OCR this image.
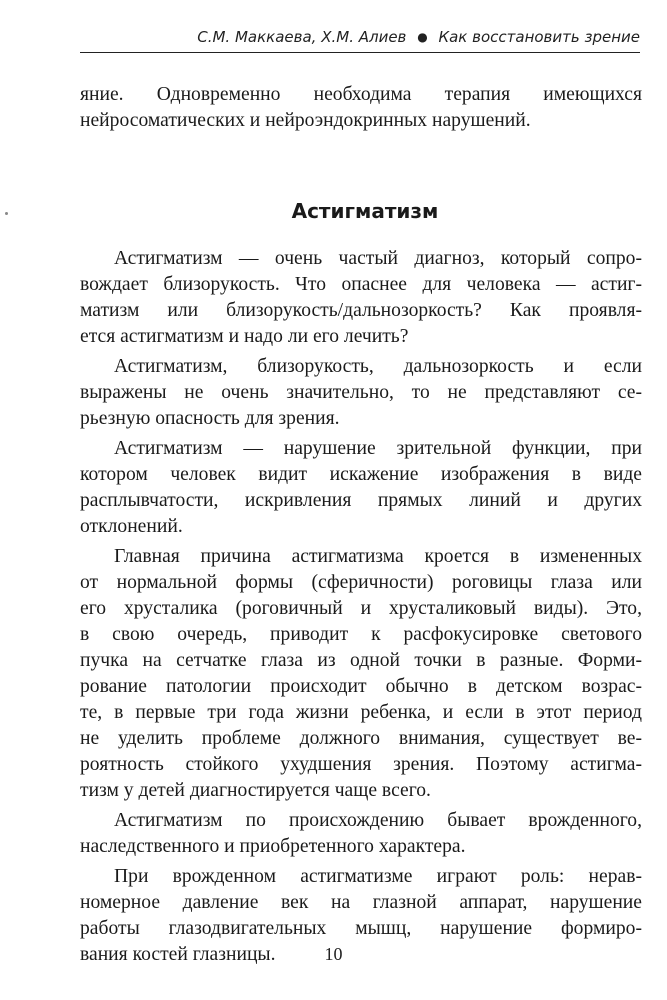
С.М. Маккаева, Х.М. Алиев ● Как восстановить зрение
яние. Одновременно необходима терапия имеющихся
нейросоматических и нейроэндокринных нарушений.
Астигматизм
Астигматизм — очень частый диагноз, который сопро-
вождает близорукость. Что опаснее для человека — астиг-
матизм или близорукость/дальнозоркость? Как проявля-
ется астигматизм и надо ли его лечить?
Астигматизм, близорукость, дальнозоркость и если
выражены не очень значительно, то не представляют се-
рьезную опасность для зрения.
Астигматизм — нарушение зрительной функции, при
котором человек видит искажение изображения в виде
расплывчатости, искривления прямых линий и других
отклонений.
Главная причина астигматизма кроется в измененных
от нормальной формы (сферичности) роговицы глаза или
его хрусталика (роговичный и хрусталиковый виды). Это,
в свою очередь, приводит к расфокусировке светового
пучка на сетчатке глаза из одной точки в разные. Форми-
рование патологии происходит обычно в детском возрас-
те, в первые три года жизни ребенка, и если в этот период
не уделить проблеме должного внимания, существует ве-
роятность стойкого ухудшения зрения. Поэтому астигма-
тизм у детей диагностируется чаще всего.
Астигматизм по происхождению бывает врожденного,
наследственного и приобретенного характера.
При врожденном астигматизме играют роль: нерав-
номерное давление век на глазной аппарат, нарушение
работы глазодвигательных мышц, нарушение формиро-
вания костей глазницы.	10
